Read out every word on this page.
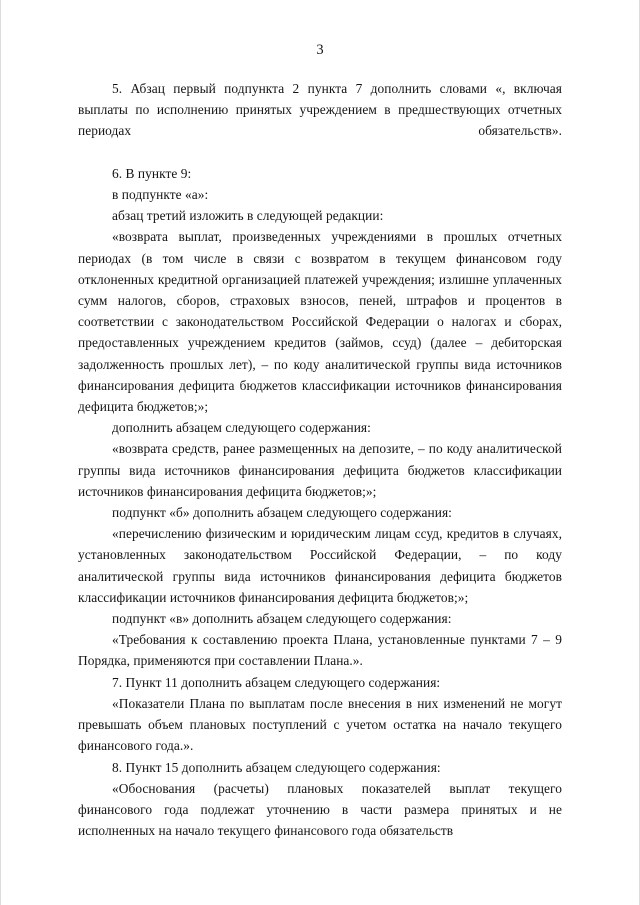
3

5. Абзац первый подпункта 2 пункта 7 дополнить словами «, включая выплаты по исполнению принятых учреждением в предшествующих отчетных периодах обязательств».

6. В пункте 9:

в подпункте «а»:

абзац третий изложить в следующей редакции:

«возврата выплат, произведенных учреждениями в прошлых отчетных периодах (в том числе в связи с возвратом в текущем финансовом году отклоненных кредитной организацией платежей учреждения; излишне уплаченных сумм налогов, сборов, страховых взносов, пеней, штрафов и процентов в соответствии с законодательством Российской Федерации о налогах и сборах, предоставленных учреждением кредитов (займов, ссуд) (далее – дебиторская задолженность прошлых лет), – по коду аналитической группы вида источников финансирования дефицита бюджетов классификации источников финансирования дефицита бюджетов;»;

дополнить абзацем следующего содержания:

«возврата средств, ранее размещенных на депозите, – по коду аналитической группы вида источников финансирования дефицита бюджетов классификации источников финансирования дефицита бюджетов;»;

подпункт «б» дополнить абзацем следующего содержания:

«перечислению физическим и юридическим лицам ссуд, кредитов в случаях, установленных законодательством Российской Федерации, – по коду аналитической группы вида источников финансирования дефицита бюджетов классификации источников финансирования дефицита бюджетов;»;

подпункт «в» дополнить абзацем следующего содержания:

«Требования к составлению проекта Плана, установленные пунктами 7 – 9 Порядка, применяются при составлении Плана.».

7. Пункт 11 дополнить абзацем следующего содержания:

«Показатели Плана по выплатам после внесения в них изменений не могут превышать объем плановых поступлений с учетом остатка на начало текущего финансового года.».

8. Пункт 15 дополнить абзацем следующего содержания:

«Обоснования (расчеты) плановых показателей выплат текущего финансового года подлежат уточнению в части размера принятых и не исполненных на начало текущего финансового года обязательств
